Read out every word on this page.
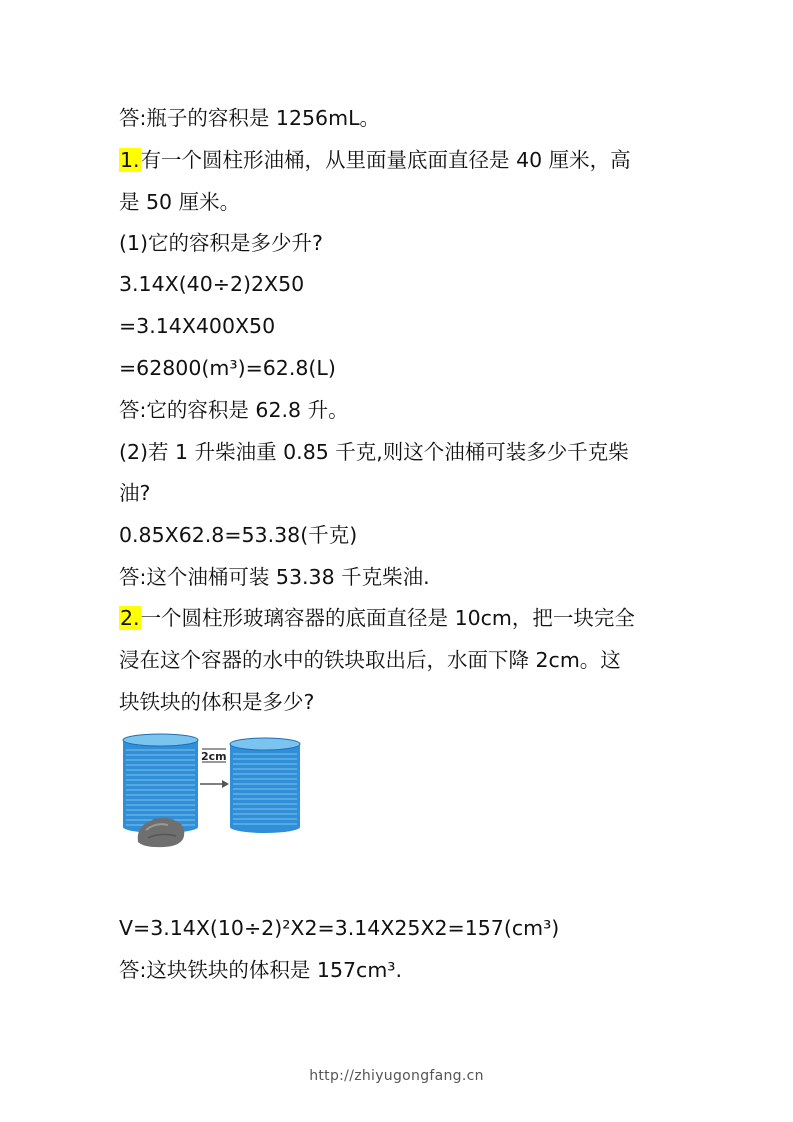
答:瓶子的容积是 1256mL。
1.有一个圆柱形油桶，从里面量底面直径是 40 厘米，高
是 50 厘米。
(1)它的容积是多少升?
3.14X(40÷2)2X50
=3.14X400X50
=62800(m³)=62.8(L)
答:它的容积是 62.8 升。
(2)若 1 升柴油重 0.85 千克,则这个油桶可装多少千克柴
油?
0.85X62.8=53.38(千克)
答:这个油桶可装 53.38 千克柴油.
2.一个圆柱形玻璃容器的底面直径是 10cm，把一块完全
浸在这个容器的水中的铁块取出后，水面下降 2cm。这
块铁块的体积是多少?
2cm
V=3.14X(10÷2)²X2=3.14X25X2=157(cm³)
答:这块铁块的体积是 157cm³.
http://zhiyugongfang.cn
